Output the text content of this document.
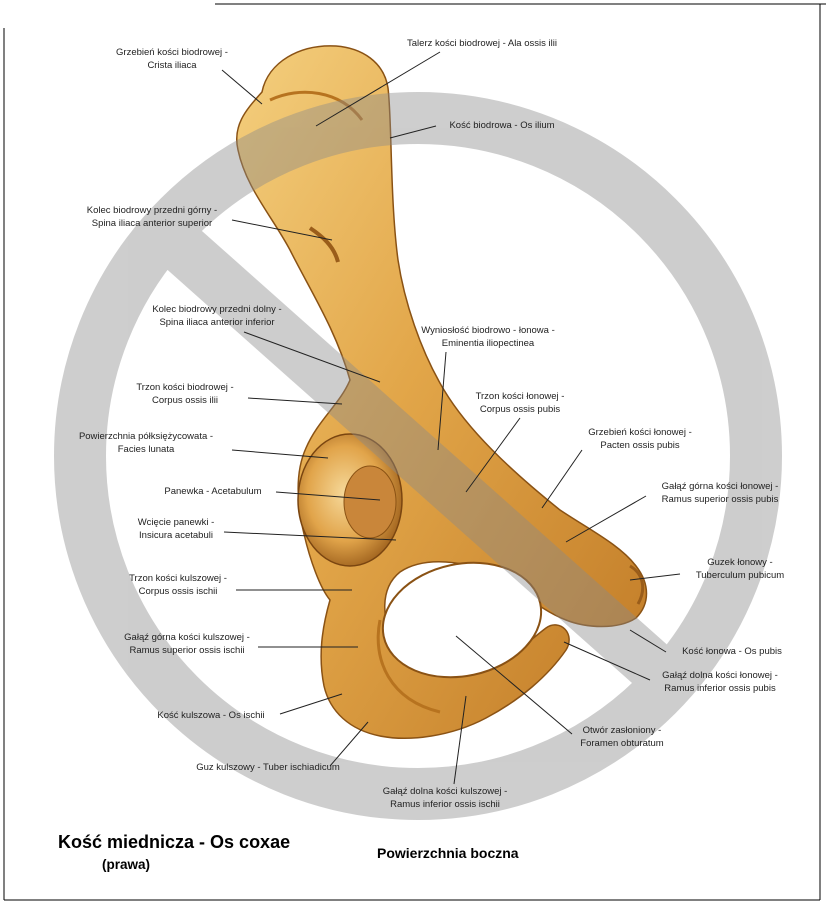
Grzebień kości biodrowej -
Crista iliaca
Talerz kości biodrowej - Ala ossis ilii
Kość biodrowa - Os ilium
Kolec biodrowy przedni górny -
Spina iliaca anterior superior
Kolec biodrowy przedni dolny -
Spina iliaca anterior inferior
Wyniosłość biodrowo - łonowa -
Eminentia iliopectinea
Trzon kości biodrowej -
Corpus ossis ilii	Trzon kości łonowej -
Corpus ossis pubis
Powierzchnia półksiężycowata -
Facies lunata
Grzebień kości łonowej -
Pacten ossis pubis
Panewka - Acetabulum	Gałąź górna kości łonowej -
Ramus superior ossis pubis
Wcięcie panewki -
Insicura acetabuli
Guzek łonowy -
Tuberculum pubicum
Trzon kości kulszowej -
Corpus ossis ischii
Gałąź górna kości kulszowej -
Ramus superior ossis ischii	Kość łonowa - Os pubis
Gałąź dolna kości łonowej -
Ramus inferior ossis pubis
Kość kulszowa - Os ischii
Otwór zasłoniony -
Foramen obturatum
Guz kulszowy - Tuber ischiadicum
Gałąź dolna kości kulszowej -
Ramus inferior ossis ischii
Kość miednicza - Os coxae
(prawa)
Powierzchnia boczna
